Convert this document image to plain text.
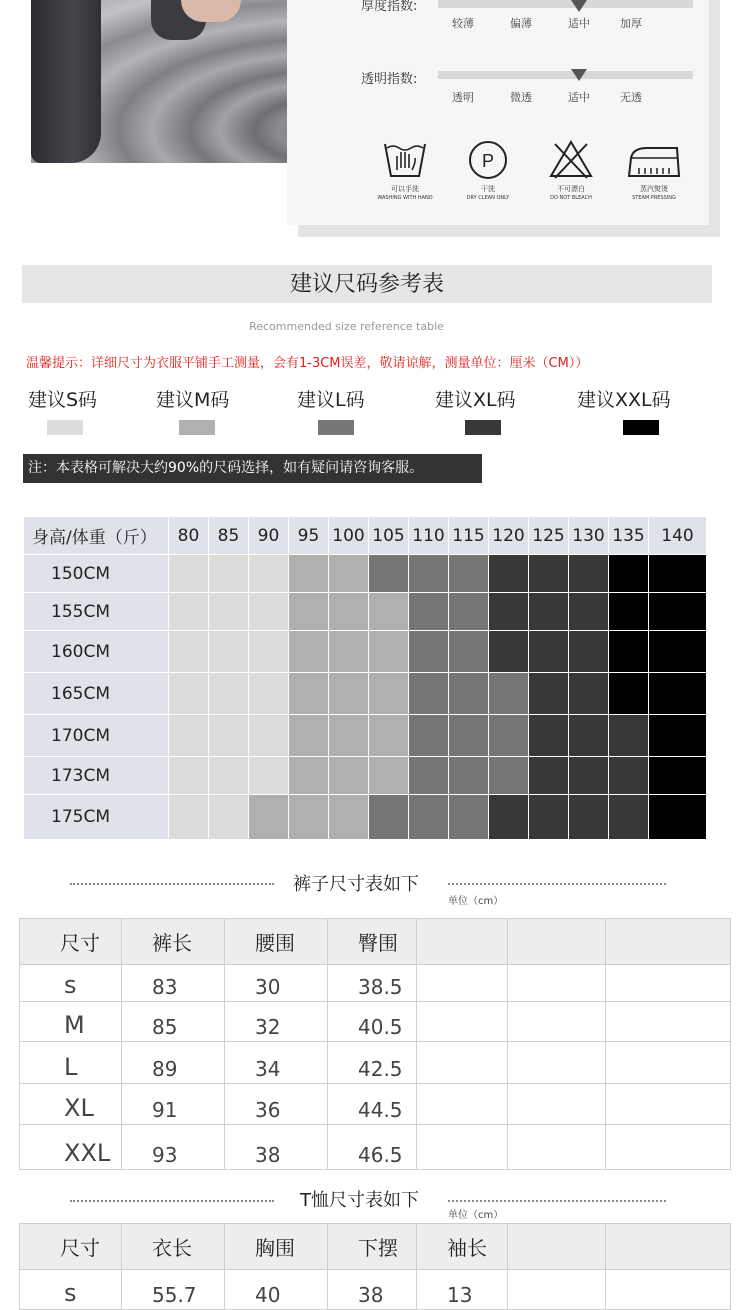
厚度指数:
较薄	偏薄	适中	加厚
透明指数:
透明	微透	适中	无透
可以手洗
WASHING WITH HAND
P
干洗
DRY CLEAN ONLY
不可漂白
DO NOT BLEACH
蒸汽熨烫
STEAM PRESSING
建议尺码参考表
Recommended size reference table
温馨提示：详细尺寸为衣服平铺手工测量，会有1-3CM误差，敬请谅解，测量单位：厘米（CM））
建议S码	建议M码	建议L码	建议XL码	建议XXL码
注：本表格可解决大约90%的尺码选择，如有疑问请咨询客服。
身高/体重（斤）	80	85	90	95	100	105	110	115	120	125	130	135	140
150CM													
155CM													
160CM													
165CM													
170CM													
173CM													
175CM													
裤子尺寸表如下
单位（cm）
尺寸	裤长	腰围	臀围			
s	83	30	38.5			
M	85	32	40.5			
L	89	34	42.5			
XL	91	36	44.5			
XXL	93	38	46.5			
T恤尺寸表如下
单位（cm）
尺寸	衣长	胸围	下摆	袖长		
s	55.7	40	38	13		
